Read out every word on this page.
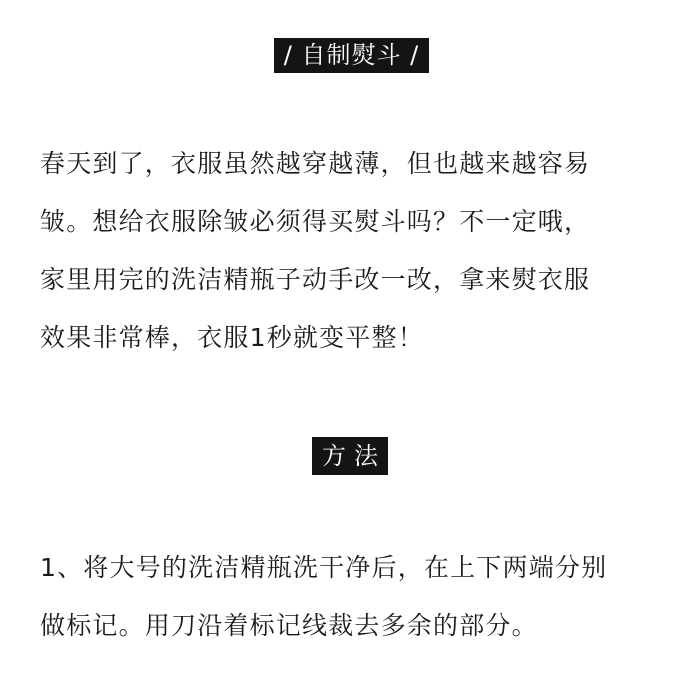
/ 自制熨斗 /

春天到了，衣服虽然越穿越薄，但也越来越容易
皱。想给衣服除皱必须得买熨斗吗？不一定哦，
家里用完的洗洁精瓶子动手改一改，拿来熨衣服
效果非常棒，衣服1秒就变平整！

方法

1、将大号的洗洁精瓶洗干净后，在上下两端分别
做标记。用刀沿着标记线裁去多余的部分。
